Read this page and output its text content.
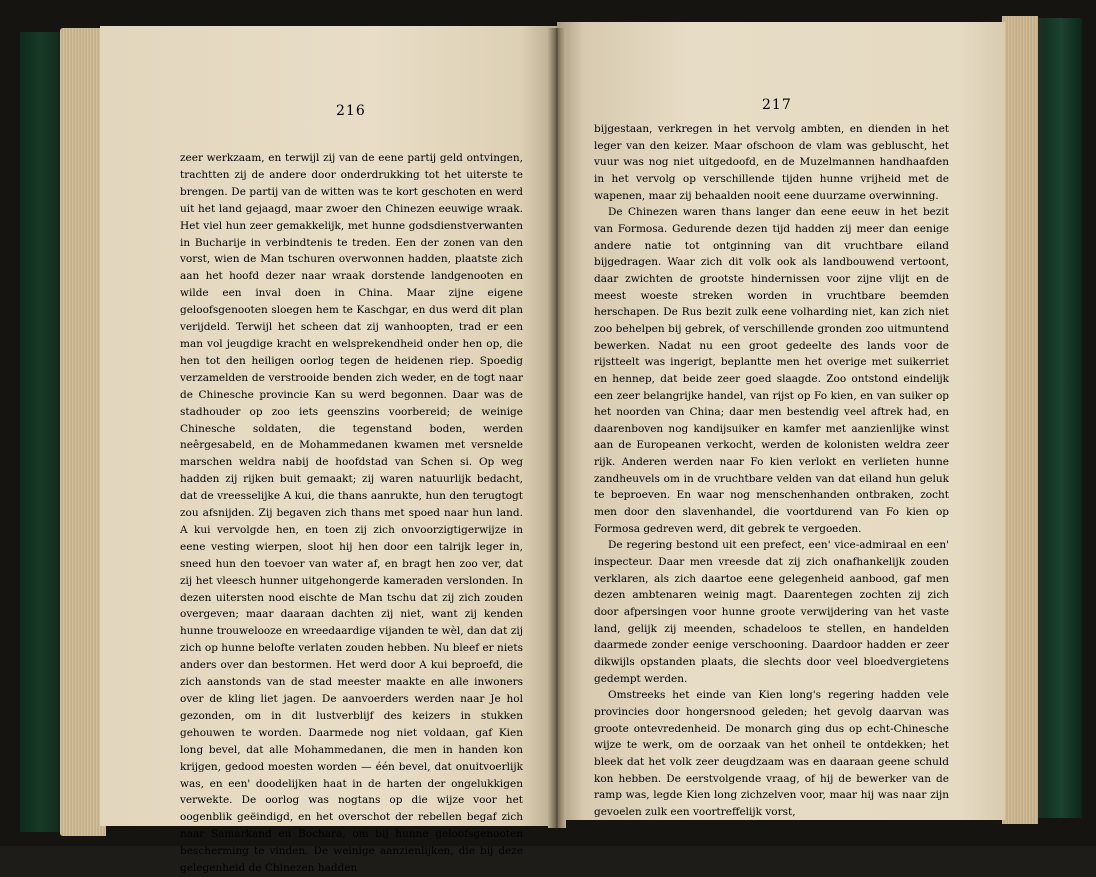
216	217

zeer werkzaam, en terwijl zij van de eene partij geld ontvingen, trachtten zij de andere door onderdrukking tot het uiterste te brengen. De partij van de witten was te kort geschoten en werd uit het land gejaagd, maar zwoer den Chinezen eeuwige wraak. Het viel hun zeer gemakkelijk, met hunne godsdienstverwanten in Bucharije in verbindtenis te treden. Een der zonen van den vorst, wien de Man tschuren overwonnen hadden, plaatste zich aan het hoofd dezer naar wraak dorstende landgenooten en wilde een inval doen in China. Maar zijne eigene geloofsgenooten sloegen hem te Kaschgar, en dus werd dit plan verijdeld. Terwijl het scheen dat zij wanhoopten, trad er een man vol jeugdige kracht en welsprekendheid onder hen op, die hen tot den heiligen oorlog tegen de heidenen riep. Spoedig verzamelden de verstrooide benden zich weder, en de togt naar de Chinesche provincie Kan su werd begonnen. Daar was de stadhouder op zoo iets geenszins voorbereid; de weinige Chinesche soldaten, die tegenstand boden, werden neêrgesabeld, en de Mohammedanen kwamen met versnelde marschen weldra nabij de hoofdstad van Schen si. Op weg hadden zij rijken buit gemaakt; zij waren natuurlijk bedacht, dat de vreesselijke A kui, die thans aanrukte, hun den terugtogt zou afsnijden. Zij begaven zich thans met spoed naar hun land. A kui vervolgde hen, en toen zij zich onvoorzigtigerwijze in eene vesting wierpen, sloot hij hen door een talrijk leger in, sneed hun den toevoer van water af, en bragt hen zoo ver, dat zij het vleesch hunner uitgehongerde kameraden verslonden. In dezen uitersten nood eischte de Man tschu dat zij zich zouden overgeven; maar daaraan dachten zij niet, want zij kenden hunne trouwelooze en wreedaardige vijanden te wèl, dan dat zij zich op hunne belofte verlaten zouden hebben. Nu bleef er niets anders over dan bestormen. Het werd door A kui beproefd, die zich aanstonds van de stad meester maakte en alle inwoners over de kling liet jagen. De aanvoerders werden naar Je hol gezonden, om in dit lustverblijf des keizers in stukken gehouwen te worden. Daarmede nog niet voldaan, gaf Kien long bevel, dat alle Mohammedanen, die men in handen kon krijgen, gedood moesten worden — één bevel, dat onuitvoerlijk was, en een' doodelijken haat in de harten der ongelukkigen verwekte. De oorlog was nogtans op die wijze voor het oogenblik geëindigd, en het overschot der rebellen begaf zich naar Samarkand en Bochara, om bij hunne geloofsgenooten bescherming te vinden. De weinige aanzienlijken, die bij deze gelegenheid de Chinezen hadden

bijgestaan, verkregen in het vervolg ambten, en dienden in het leger van den keizer. Maar ofschoon de vlam was gebluscht, het vuur was nog niet uitgedoofd, en de Muzelmannen handhaafden in het vervolg op verschillende tijden hunne vrijheid met de wapenen, maar zij behaalden nooit eene duurzame overwinning.

De Chinezen waren thans langer dan eene eeuw in het bezit van Formosa. Gedurende dezen tijd hadden zij meer dan eenige andere natie tot ontginning van dit vruchtbare eiland bijgedragen. Waar zich dit volk ook als landbouwend vertoont, daar zwichten de grootste hindernissen voor zijne vlijt en de meest woeste streken worden in vruchtbare beemden herschapen. De Rus bezit zulk eene volharding niet, kan zich niet zoo behelpen bij gebrek, of verschillende gronden zoo uitmuntend bewerken. Nadat nu een groot gedeelte des lands voor de rijstteelt was ingerigt, beplantte men het overige met suikerriet en hennep, dat beide zeer goed slaagde. Zoo ontstond eindelijk een zeer belangrijke handel, van rijst op Fo kien, en van suiker op het noorden van China; daar men bestendig veel aftrek had, en daarenboven nog kandijsuiker en kamfer met aanzienlijke winst aan de Europeanen verkocht, werden de kolonisten weldra zeer rijk. Anderen werden naar Fo kien verlokt en verlieten hunne zandheuvels om in de vruchtbare velden van dat eiland hun geluk te beproeven. En waar nog menschenhanden ontbraken, zocht men door den slavenhandel, die voortdurend van Fo kien op Formosa gedreven werd, dit gebrek te vergoeden.

De regering bestond uit een prefect, een' vice-admiraal en een' inspecteur. Daar men vreesde dat zij zich onafhankelijk zouden verklaren, als zich daartoe eene gelegenheid aanbood, gaf men dezen ambtenaren weinig magt. Daarentegen zochten zij zich door afpersingen voor hunne groote verwijdering van het vaste land, gelijk zij meenden, schadeloos te stellen, en handelden daarmede zonder eenige verschooning. Daardoor hadden er zeer dikwijls opstanden plaats, die slechts door veel bloedvergietens gedempt werden.

Omstreeks het einde van Kien long's regering hadden vele provincies door hongersnood geleden; het gevolg daarvan was groote ontevredenheid. De monarch ging dus op echt-Chinesche wijze te werk, om de oorzaak van het onheil te ontdekken; het bleek dat het volk zeer deugdzaam was en daaraan geene schuld kon hebben. De eerstvolgende vraag, of hij de bewerker van de ramp was, legde Kien long zichzelven voor, maar hij was naar zijn gevoelen zulk een voortreffelijk vorst,
